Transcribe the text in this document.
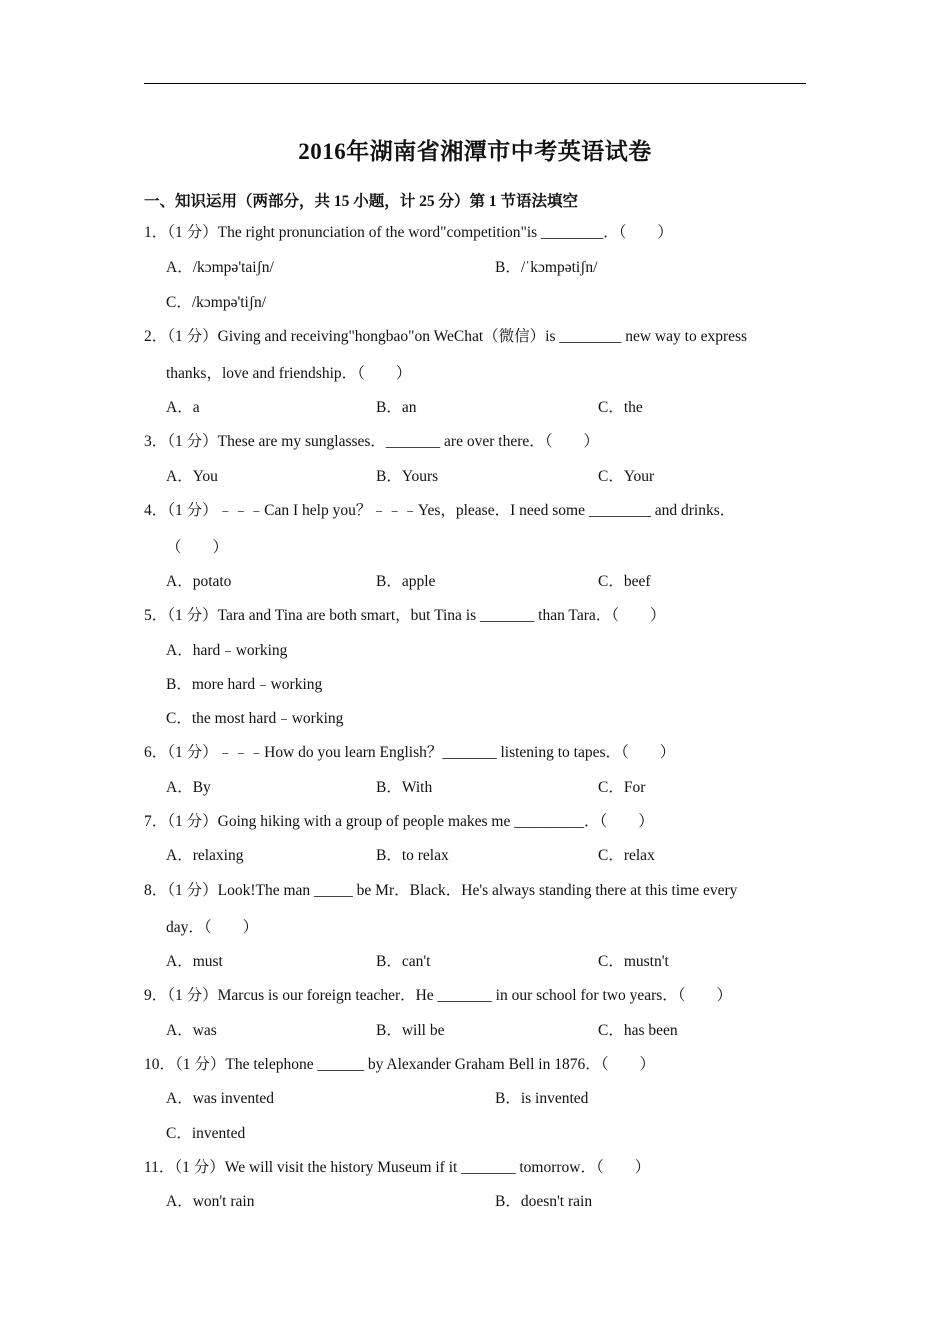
2016年湖南省湘潭市中考英语试卷
一、知识运用（两部分，共 15 小题，计 25 分）第 1 节语法填空
1．（1 分）The right pronunciation of the word"competition"is ________．（　　）
A．/kɔmpə'taiʃn/	B．/ˈkɔmpətiʃn/
C．/kɔmpə'tiʃn/
2．（1 分）Giving and receiving"hongbao"on WeChat（微信）is ________ new way to express
thanks，love and friendship．（　　）
A．a	B．an	C．the
3．（1 分）These are my sunglasses．_______ are over there．（　　）
A．You	B．Yours	C．Your
4．（1 分）﹣﹣﹣Can I help you？﹣﹣﹣Yes，please．I need some ________ and drinks．
（　　）
A．potato	B．apple	C．beef
5．（1 分）Tara and Tina are both smart，but Tina is _______ than Tara．（　　）
A．hard﹣working
B．more hard﹣working
C．the most hard﹣working
6．（1 分）﹣﹣﹣How do you learn English？_______ listening to tapes．（　　）
A．By	B．With	C．For
7．（1 分）Going hiking with a group of people makes me _________．（　　）
A．relaxing	B．to relax	C．relax
8．（1 分）Look!The man _____ be Mr．Black．He's always standing there at this time every
day．（　　）
A．must	B．can't	C．mustn't
9．（1 分）Marcus is our foreign teacher．He _______ in our school for two years．（　　）
A．was	B．will be	C．has been
10．（1 分）The telephone ______ by Alexander Graham Bell in 1876．（　　）
A．was invented	B．is invented
C．invented
11．（1 分）We will visit the history Museum if it _______ tomorrow．（　　）
A．won't rain	B．doesn't rain
